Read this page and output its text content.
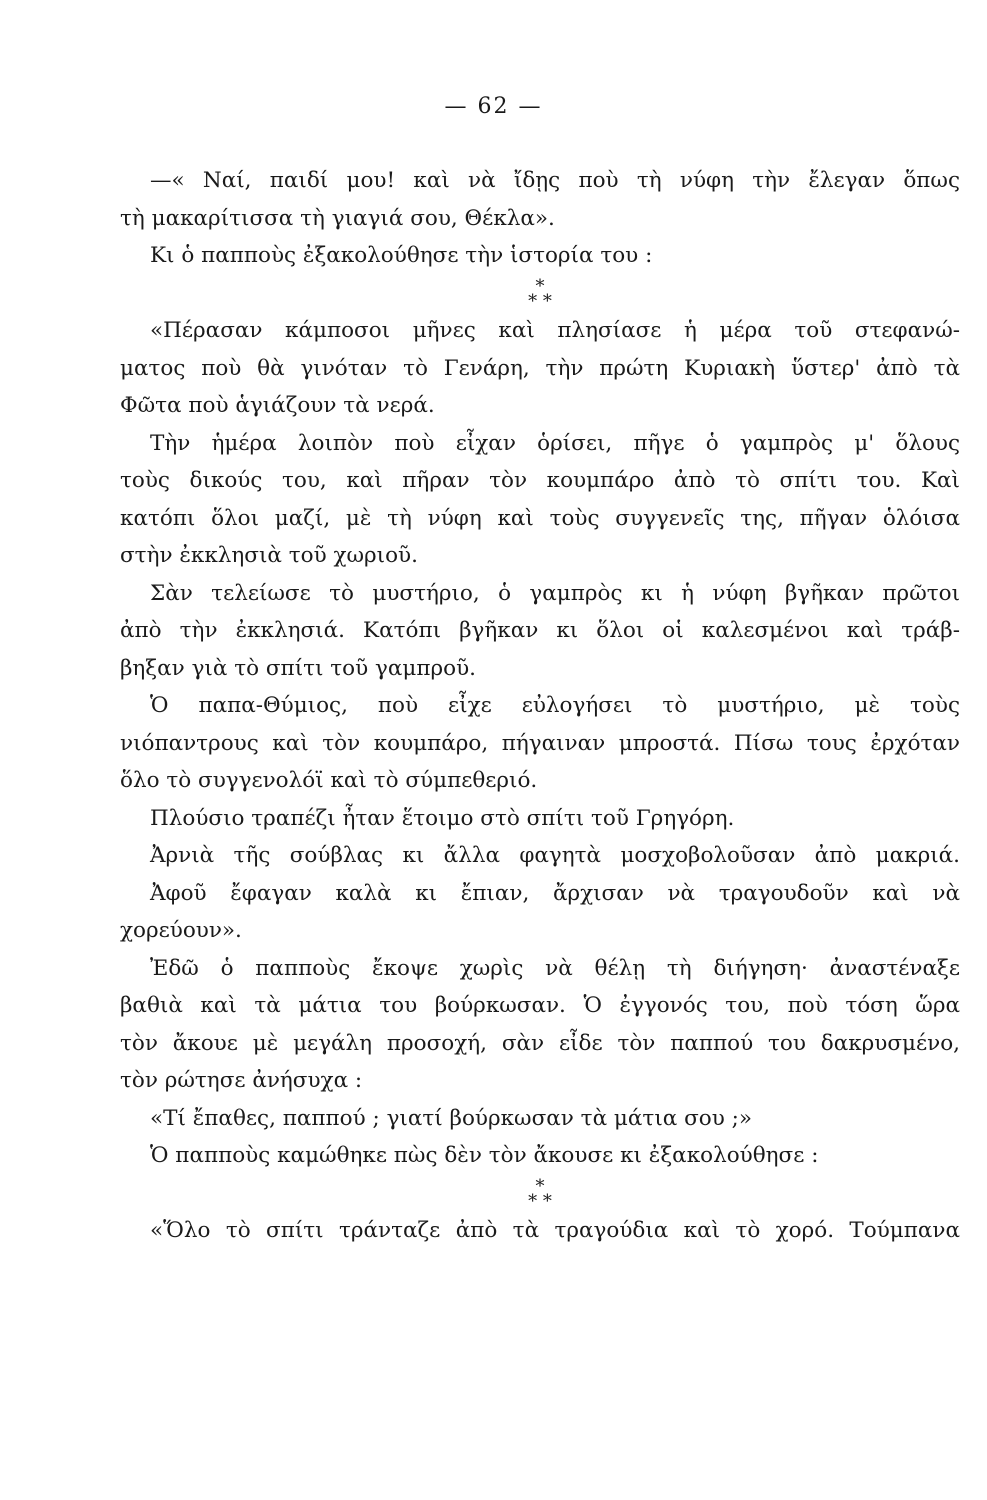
— 62 —
—« Ναί, παιδί μου! καὶ νὰ ἴδῃς ποὺ τὴ νύφη τὴν ἔλεγαν ὅπως
τὴ μακαρίτισσα τὴ γιαγιά σου, Θέκλα».
Κι ὁ παπποὺς ἐξακολούθησε τὴν ἱστορία του :
*
* *
«Πέρασαν κάμποσοι μῆνες καὶ πλησίασε ἡ μέρα τοῦ στεφανώ-
ματος ποὺ θὰ γινόταν τὸ Γενάρη, τὴν πρώτη Κυριακὴ ὕστερ' ἀπὸ τὰ
Φῶτα ποὺ ἁγιάζουν τὰ νερά.
Τὴν ἡμέρα λοιπὸν ποὺ εἶχαν ὁρίσει, πῆγε ὁ γαμπρὸς μ' ὅλους
τοὺς δικούς του, καὶ πῆραν τὸν κουμπάρο ἀπὸ τὸ σπίτι του. Καὶ
κατόπι ὅλοι μαζί, μὲ τὴ νύφη καὶ τοὺς συγγενεῖς της, πῆγαν ὁλόισα
στὴν ἐκκλησιὰ τοῦ χωριοῦ.
Σὰν τελείωσε τὸ μυστήριο, ὁ γαμπρὸς κι ἡ νύφη βγῆκαν πρῶτοι
ἀπὸ τὴν ἐκκλησιά. Κατόπι βγῆκαν κι ὅλοι οἱ καλεσμένοι καὶ τράβ-
βηξαν γιὰ τὸ σπίτι τοῦ γαμπροῦ.
Ὁ παπα-Θύμιος, ποὺ εἶχε εὐλογήσει τὸ μυστήριο, μὲ τοὺς
νιόπαντρους καὶ τὸν κουμπάρο, πήγαιναν μπροστά. Πίσω τους ἐρχόταν
ὅλο τὸ συγγενολόϊ καὶ τὸ σύμπεθεριό.
Πλούσιο τραπέζι ἦταν ἕτοιμο στὸ σπίτι τοῦ Γρηγόρη.
Ἀρνιὰ τῆς σούβλας κι ἄλλα φαγητὰ μοσχοβολοῦσαν ἀπὸ μακριά.
Ἀφοῦ ἔφαγαν καλὰ κι ἔπιαν, ἄρχισαν νὰ τραγουδοῦν καὶ νὰ
χορεύουν».
Ἐδῶ ὁ παπποὺς ἔκοψε χωρὶς νὰ θέλῃ τὴ διήγηση· ἀναστέναξε
βαθιὰ καὶ τὰ μάτια του βούρκωσαν. Ὁ ἐγγονός του, ποὺ τόση ὥρα
τὸν ἄκουε μὲ μεγάλη προσοχή, σὰν εἶδε τὸν παππού του δακρυσμένο,
τὸν ρώτησε ἀνήσυχα :
«Τί ἔπαθες, παππού ; γιατί βούρκωσαν τὰ μάτια σου ;»
Ὁ παπποὺς καμώθηκε πὼς δὲν τὸν ἄκουσε κι ἐξακολούθησε :
*
* *
«Ὅλο τὸ σπίτι τράνταζε ἀπὸ τὰ τραγούδια καὶ τὸ χορό. Τούμπανα
